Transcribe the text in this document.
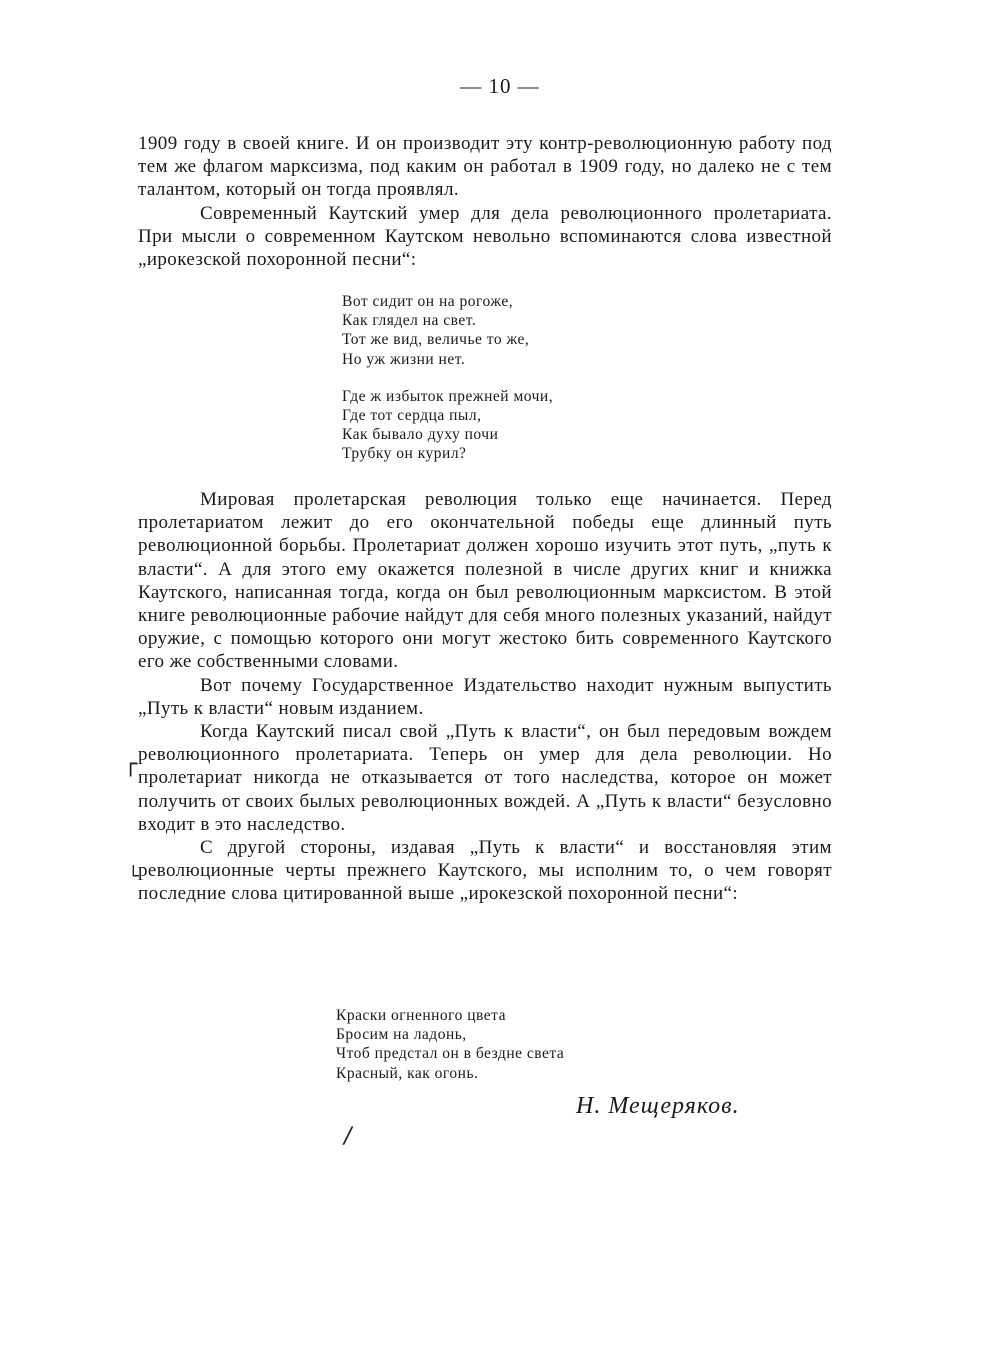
— 10 —

1909 году в своей книге. И он производит эту контр-революционную работу под тем же флагом марксизма, под каким он работал в 1909 году, но далеко не с тем талантом, который он тогда проявлял.

Современный Каутский умер для дела революционного пролетариата. При мысли о современном Каутском невольно вспоминаются слова известной „ирокезской похоронной песни“:

Вот сидит он на рогоже,
Как глядел на свет.
Тот же вид, величье то же,
Но уж жизни нет.
Где ж избыток прежней мочи,
Где тот сердца пыл,
Как бывало духу почи
Трубку он курил?

Мировая пролетарская революция только еще начинается. Перед пролетариатом лежит до его окончательной победы еще длинный путь революционной борьбы. Пролетариат должен хорошо изучить этот путь, „путь к власти“. А для этого ему окажется полезной в числе других книг и книжка Каутского, написанная тогда, когда он был революционным марксистом. В этой книге революционные рабочие найдут для себя много полезных указаний, найдут оружие, с помощью которого они могут жестоко бить современного Каутского его же собственными словами.

Вот почему Государственное Издательство находит нужным выпустить „Путь к власти“ новым изданием.

Когда Каутский писал свой „Путь к власти“, он был передовым вождем революционного пролетариата. Теперь он умер для дела революции. Но пролетариат никогда не отказывается от того наследства, которое он может получить от своих былых революционных вождей. А „Путь к власти“ безусловно входит в это наследство.

С другой стороны, издавая „Путь к власти“ и восстановляя этим революционные черты прежнего Каутского, мы исполним то, о чем говорят последние слова цитированной выше „ирокезской похоронной песни“:

Краски огненного цвета
Бросим на ладонь,
Чтоб предстал он в бездне света
Красный, как огонь.
Н. Мещеряков.
┌
└
/
